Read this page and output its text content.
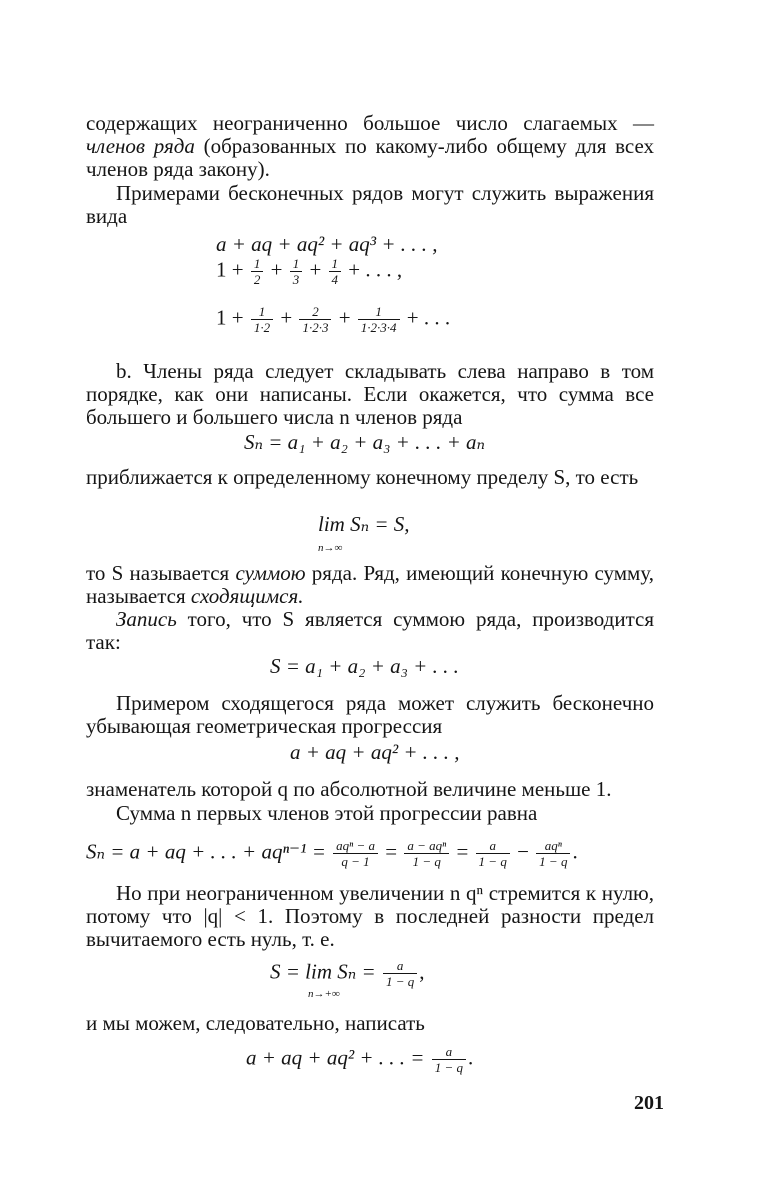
содержащих неограниченно большое число слагаемых — членов ряда (образованных по какому-либо общему для всех членов ряда закону).
Примерами бесконечных рядов могут служить выражения вида
a + aq + aq² + aq³ + . . . ,
$1 + \frac{1}{2} + \frac{1}{3} + \frac{1}{4}$ + . . . ,
$1 + \frac{1}{1\cdot 2} + \frac{2}{1\cdot 2\cdot 3} + \frac{1}{1\cdot 2\cdot 3\cdot 4}$ + . . .
b. Члены ряда следует складывать слева направо в том порядке, как они написаны. Если окажется, что сумма все большего и большего числа n членов ряда
Sₙ = a₁ + a₂ + a₃ + . . . + aₙ
приближается к определенному конечному пределу S, то есть
lim Sₙ = S,
n→∞
то S называется суммою ряда. Ряд, имеющий конечную сумму, называется сходящимся.
Запись того, что S является суммою ряда, производится так:
S = a₁ + a₂ + a₃ + . . .
Примером сходящегося ряда может служить бесконечно убывающая геометрическая прогрессия
a + aq + aq² + . . . ,
знаменатель которой q по абсолютной величине меньше 1.
Сумма n первых членов этой прогрессии равна
Sₙ = a + aq + . . . + $aq^{n-1} = \frac{\text{aqⁿ − a}}{q - 1} = \frac{\text{a − aqⁿ}}{1 - q} = \frac{a}{1 - q} - \frac{\text{aqⁿ}}{1 - q}$ .
Но при неограниченном увеличении n qⁿ стремится к нулю, потому что |q| < 1. Поэтому в последней разности предел вычитаемого есть нуль, т. е.
$S = \lim S_n = \frac{a}{1 - q}$ ,
n→+∞
и мы можем, следовательно, написать
a + aq + aq² + . . . = $\frac{a}{1 - q}$ .
201
